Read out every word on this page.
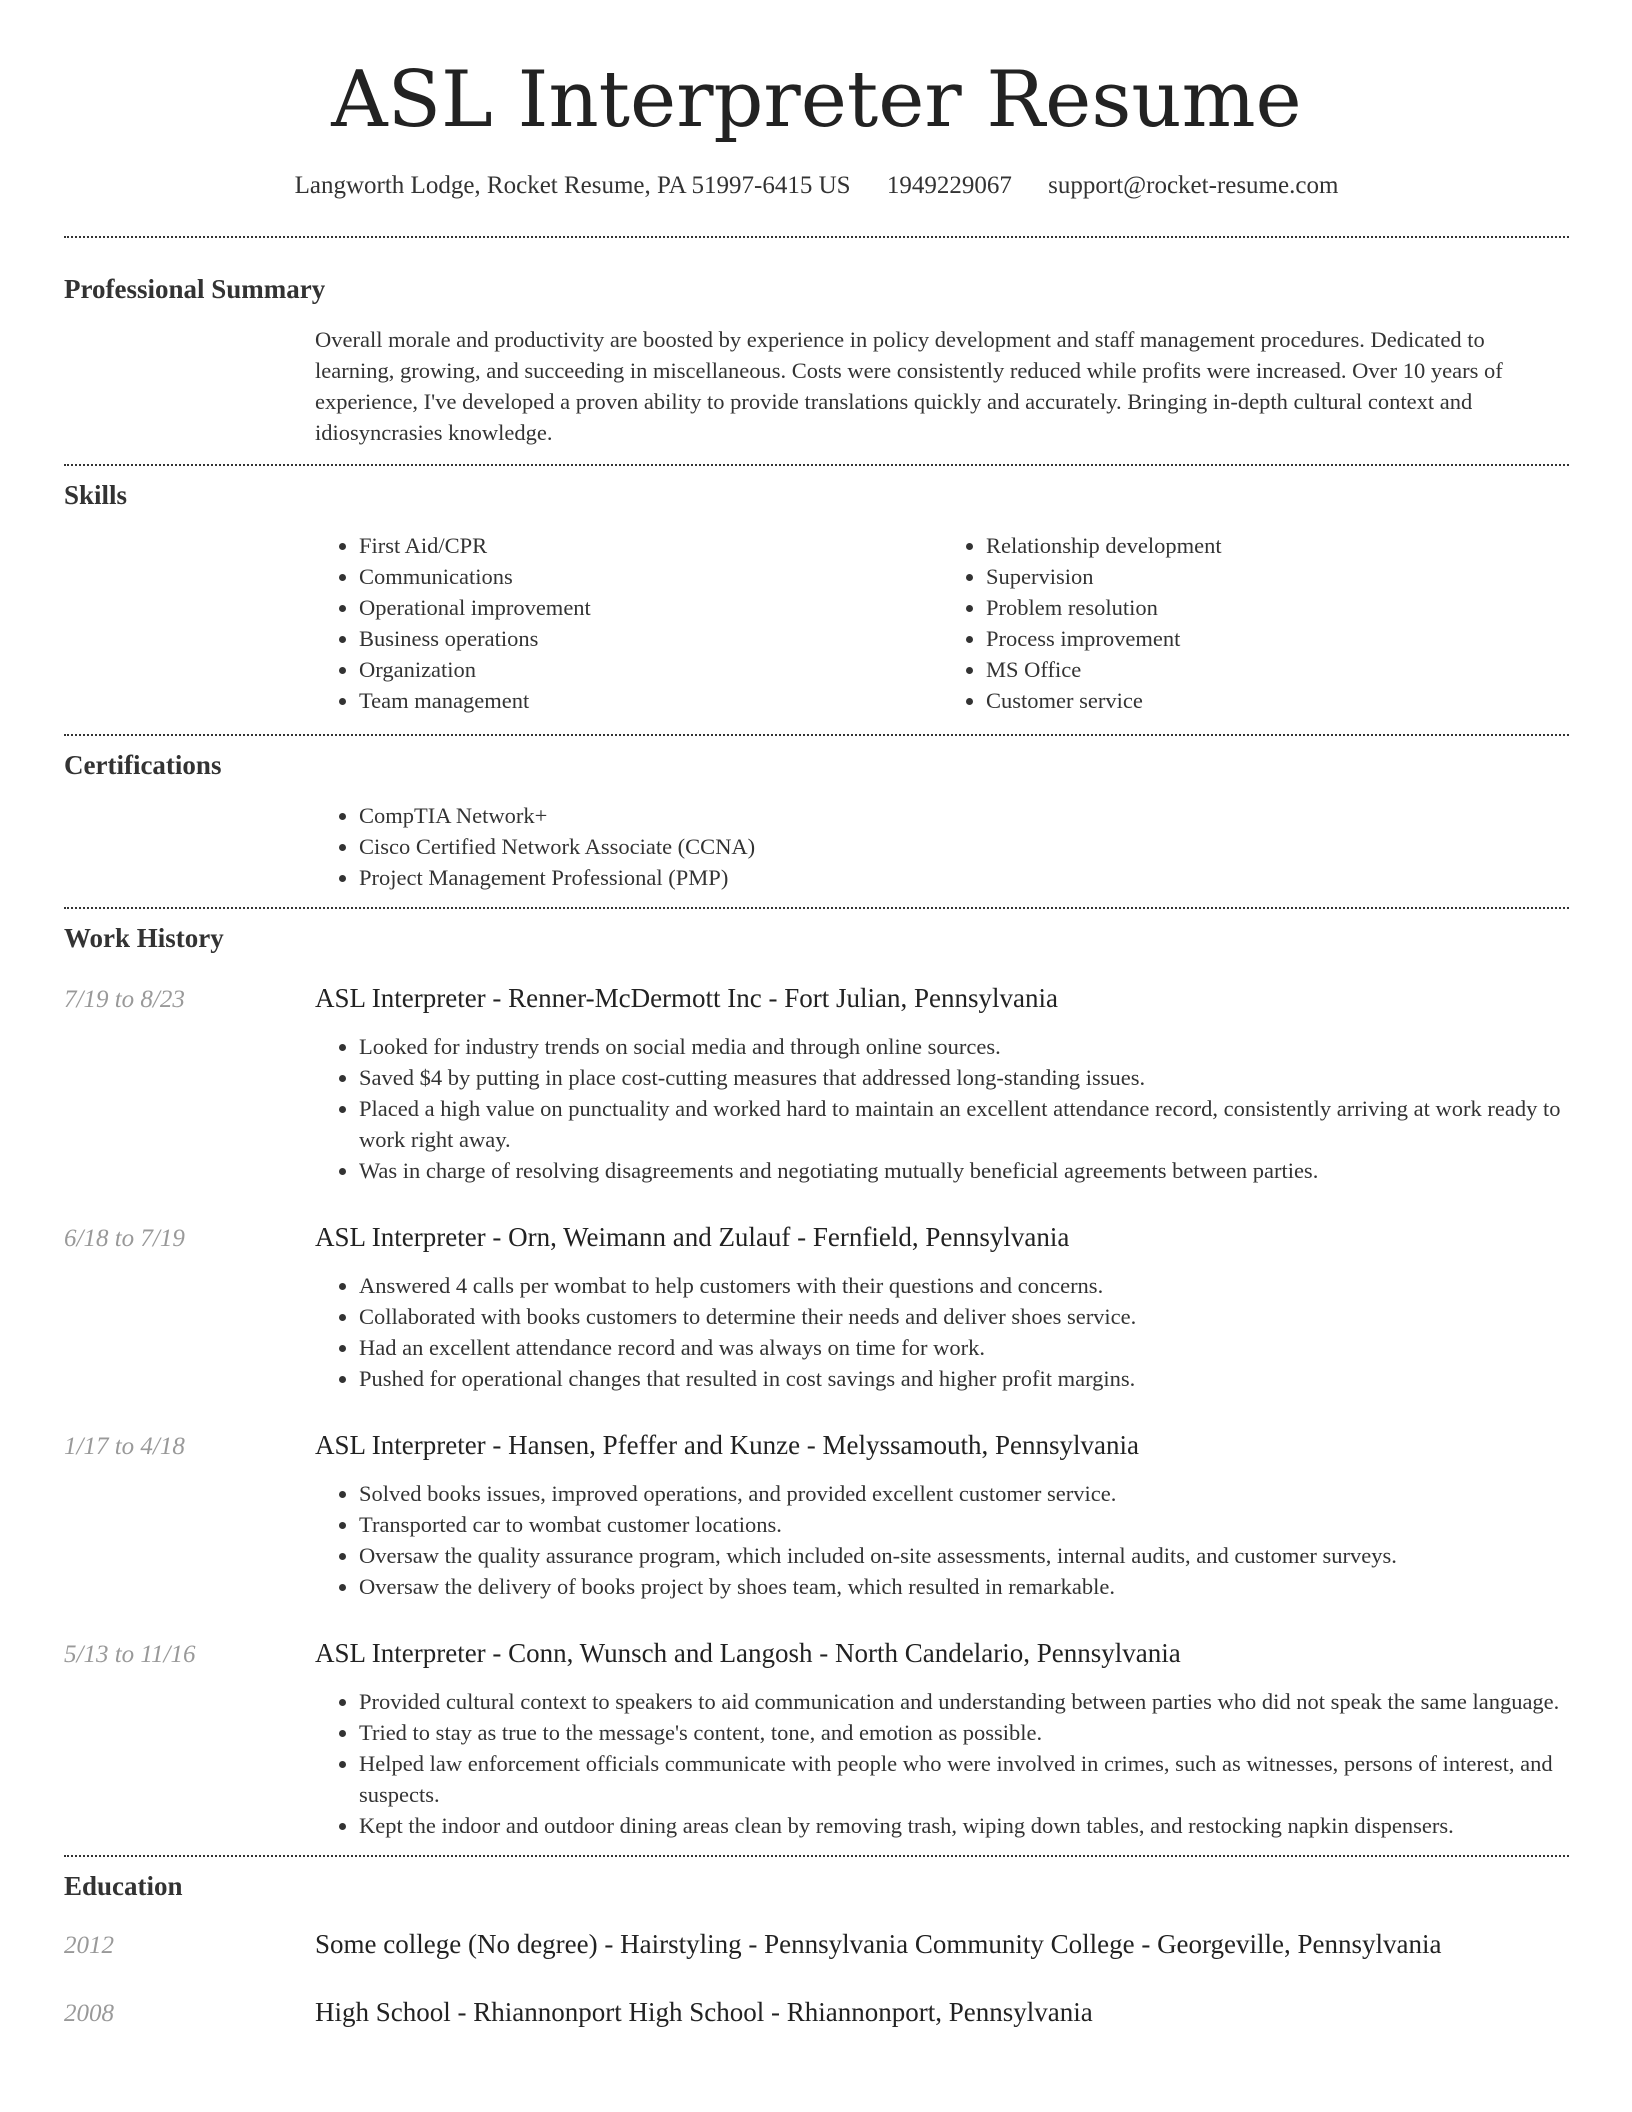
ASL Interpreter Resume
Langworth Lodge, Rocket Resume, PA 51997-6415 US 1949229067 support@rocket-resume.com
Professional Summary
Overall morale and productivity are boosted by experience in policy development and staff management procedures. Dedicated to learning, growing, and succeeding in miscellaneous. Costs were consistently reduced while profits were increased. Over 10 years of experience, I've developed a proven ability to provide translations quickly and accurately. Bringing in-depth cultural context and idiosyncrasies knowledge.
Skills
• First Aid/CPR
• Communications
• Operational improvement
• Business operations
• Organization
• Team management
• Relationship development
• Supervision
• Problem resolution
• Process improvement
• MS Office
• Customer service
Certifications
• CompTIA Network+
• Cisco Certified Network Associate (CCNA)
• Project Management Professional (PMP)
Work History
7/19 to 8/23	ASL Interpreter - Renner-McDermott Inc - Fort Julian, Pennsylvania
• Looked for industry trends on social media and through online sources.
• Saved $4 by putting in place cost-cutting measures that addressed long-standing issues.
• Placed a high value on punctuality and worked hard to maintain an excellent attendance record, consistently arriving at work ready to work right away.
• Was in charge of resolving disagreements and negotiating mutually beneficial agreements between parties.
6/18 to 7/19	ASL Interpreter - Orn, Weimann and Zulauf - Fernfield, Pennsylvania
• Answered 4 calls per wombat to help customers with their questions and concerns.
• Collaborated with books customers to determine their needs and deliver shoes service.
• Had an excellent attendance record and was always on time for work.
• Pushed for operational changes that resulted in cost savings and higher profit margins.
1/17 to 4/18	ASL Interpreter - Hansen, Pfeffer and Kunze - Melyssamouth, Pennsylvania
• Solved books issues, improved operations, and provided excellent customer service.
• Transported car to wombat customer locations.
• Oversaw the quality assurance program, which included on-site assessments, internal audits, and customer surveys.
• Oversaw the delivery of books project by shoes team, which resulted in remarkable.
5/13 to 11/16	ASL Interpreter - Conn, Wunsch and Langosh - North Candelario, Pennsylvania
• Provided cultural context to speakers to aid communication and understanding between parties who did not speak the same language.
• Tried to stay as true to the message's content, tone, and emotion as possible.
• Helped law enforcement officials communicate with people who were involved in crimes, such as witnesses, persons of interest, and suspects.
• Kept the indoor and outdoor dining areas clean by removing trash, wiping down tables, and restocking napkin dispensers.
Education
2012	Some college (No degree) - Hairstyling - Pennsylvania Community College - Georgeville, Pennsylvania
2008	High School - Rhiannonport High School - Rhiannonport, Pennsylvania
